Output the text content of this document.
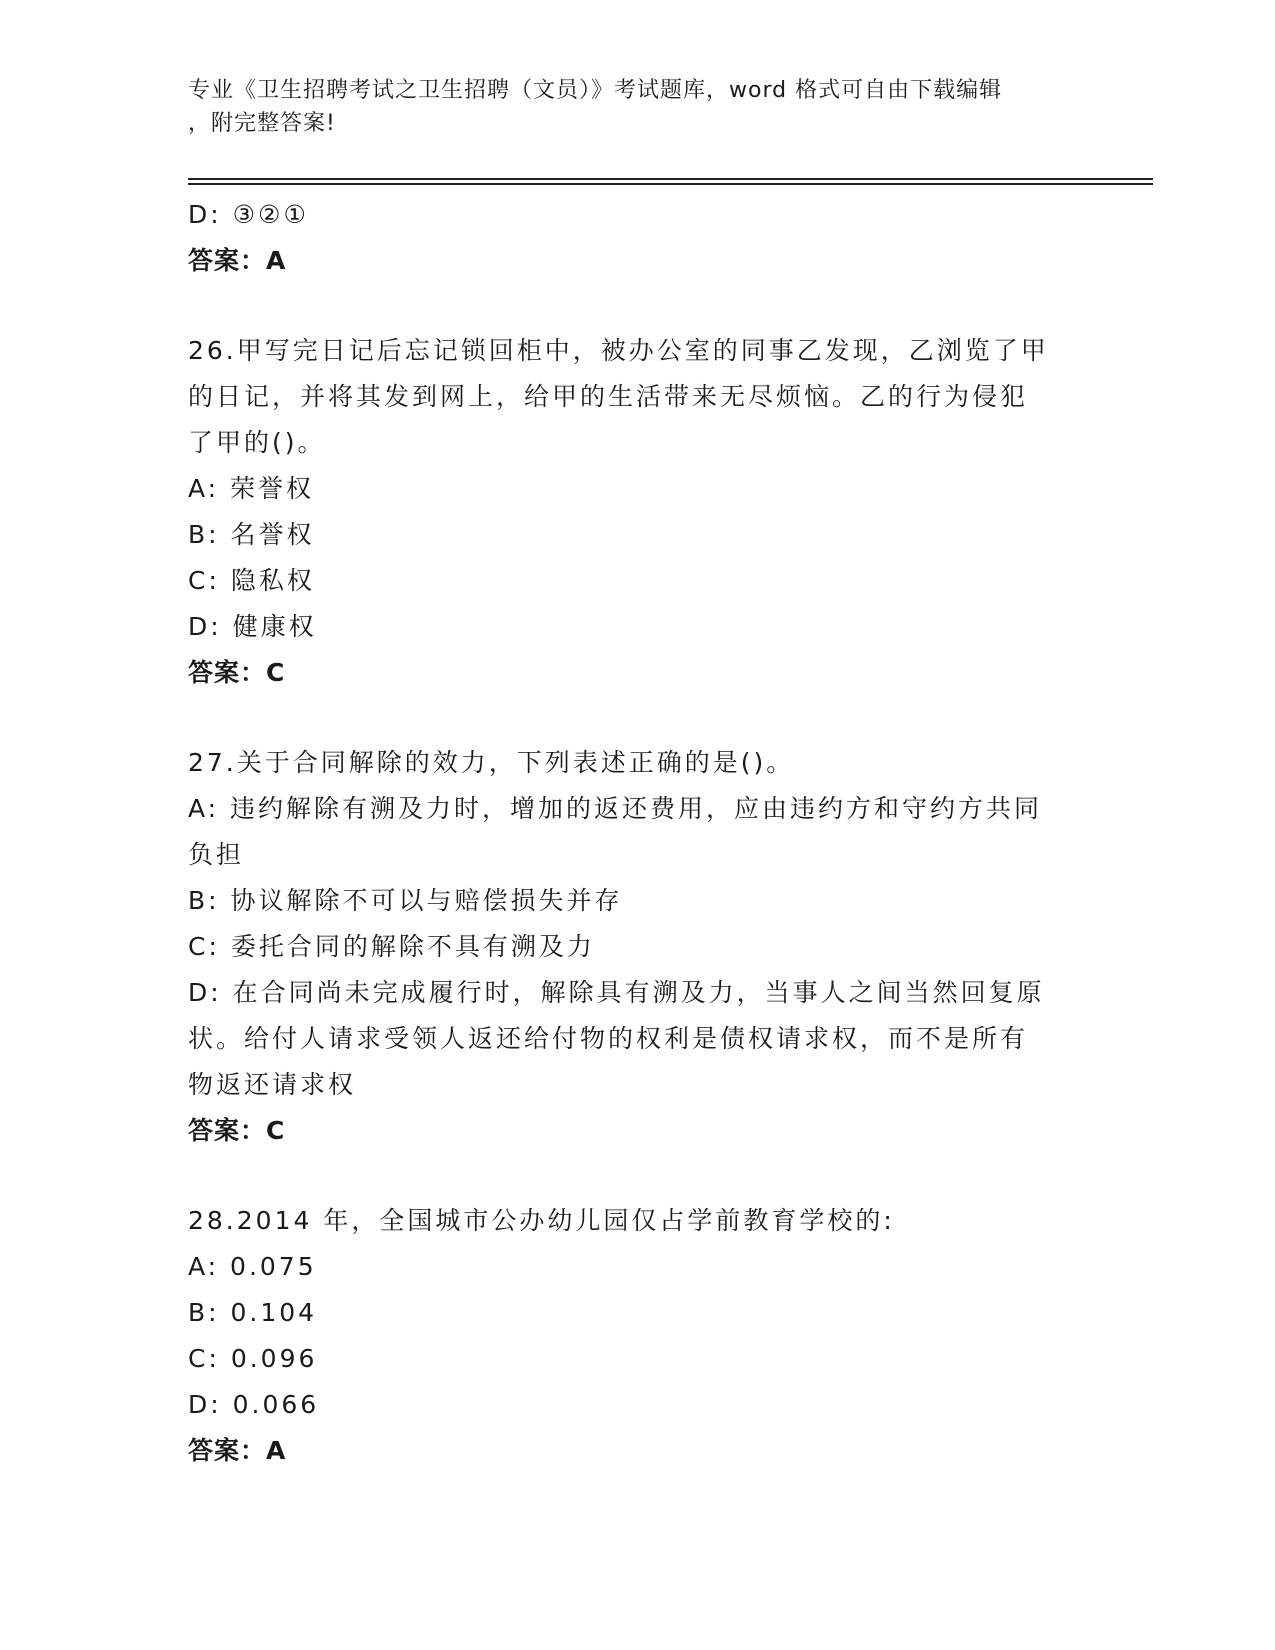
专业《卫生招聘考试之卫生招聘（文员）》考试题库，word 格式可自由下载编辑
，附完整答案!
D: ③②①
答案：A
26.甲写完日记后忘记锁回柜中，被办公室的同事乙发现，乙浏览了甲
的日记，并将其发到网上，给甲的生活带来无尽烦恼。乙的行为侵犯
了甲的()。
A: 荣誉权
B: 名誉权
C: 隐私权
D: 健康权
答案：C
27.关于合同解除的效力，下列表述正确的是()。
A: 违约解除有溯及力时，增加的返还费用，应由违约方和守约方共同
负担
B: 协议解除不可以与赔偿损失并存
C: 委托合同的解除不具有溯及力
D: 在合同尚未完成履行时，解除具有溯及力，当事人之间当然回复原
状。给付人请求受领人返还给付物的权利是债权请求权，而不是所有
物返还请求权
答案：C
28.2014 年，全国城市公办幼儿园仅占学前教育学校的:
A: 0.075
B: 0.104
C: 0.096
D: 0.066
答案：A
